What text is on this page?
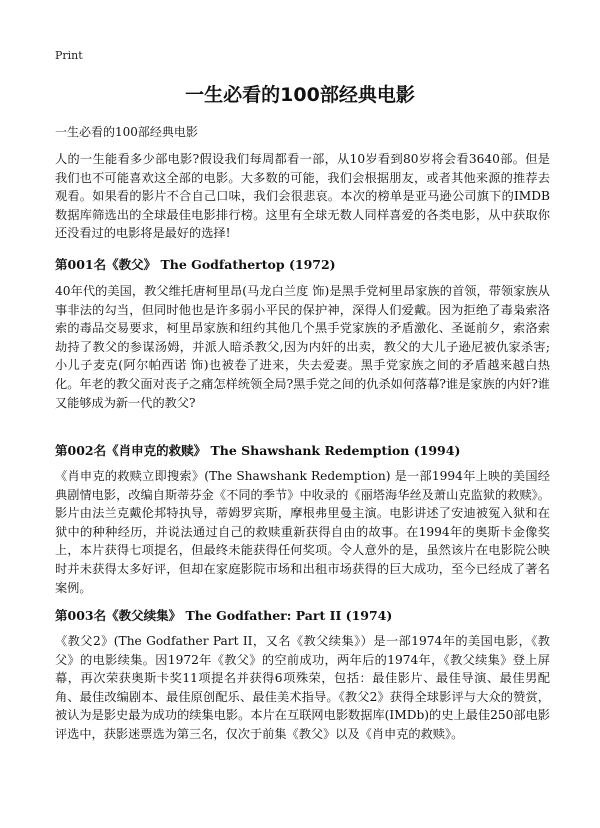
Print
一生必看的100部经典电影
一生必看的100部经典电影
人的一生能看多少部电影?假设我们每周都看一部，从10岁看到80岁将会看3640部。但是我们也不可能喜欢这全部的电影。大多数的可能，我们会根据朋友，或者其他来源的推荐去观看。如果看的影片不合自己口味，我们会很悲哀。本次的榜单是亚马逊公司旗下的IMDB数据库筛选出的全球最佳电影排行榜。这里有全球无数人同样喜爱的各类电影，从中获取你还没看过的电影将是最好的选择!
第001名《教父》 The Godfathertop (1972)
40年代的美国，教父维托唐柯里昂(马龙白兰度 饰)是黑手党柯里昂家族的首领，带领家族从事非法的勾当，但同时他也是许多弱小平民的保护神，深得人们爱戴。因为拒绝了毒枭索洛索的毒品交易要求，柯里昂家族和纽约其他几个黑手党家族的矛盾激化、圣诞前夕，索洛索劫持了教父的参谋汤姆，并派人暗杀教父,因为内奸的出卖，教父的大儿子逊尼被仇家杀害;小儿子麦克(阿尔帕西诺 饰)也被卷了进来，失去爱妻。黑手党家族之间的矛盾越来越白热化。年老的教父面对丧子之痛怎样统领全局?黑手党之间的仇杀如何落幕?谁是家族的内奸?谁又能够成为新一代的教父?
第002名《肖申克的救赎》 The Shawshank Redemption (1994)
《肖申克的救赎立即搜索》(The Shawshank Redemption) 是一部1994年上映的美国经典剧情电影，改编自斯蒂芬金《不同的季节》中收录的《丽塔海华丝及萧山克监狱的救赎》。影片由法兰克戴伦邦特执导，蒂姆罗宾斯，摩根弗里曼主演。电影讲述了安迪被冤入狱和在狱中的种种经历，并说法通过自己的救赎重新获得自由的故事。在1994年的奥斯卡金像奖上，本片获得七项提名，但最终未能获得任何奖项。令人意外的是，虽然该片在电影院公映时并未获得太多好评，但却在家庭影院市场和出租市场获得的巨大成功，至今已经成了著名案例。
第003名《教父续集》 The Godfather: Part II (1974)
《教父2》(The Godfather Part II，又名《教父续集》）是一部1974年的美国电影，《教父》的电影续集。因1972年《教父》的空前成功，两年后的1974年，《教父续集》登上屏幕，再次荣获奥斯卡奖11项提名并获得6项殊荣，包括：最佳影片、最佳导演、最佳男配角、最佳改编剧本、最佳原创配乐、最佳美术指导。《教父2》获得全球影评与大众的赞赏，被认为是影史最为成功的续集电影。本片在互联网电影数据库(IMDb)的史上最佳250部电影评选中，获影迷票选为第三名，仅次于前集《教父》以及《肖申克的救赎》。
